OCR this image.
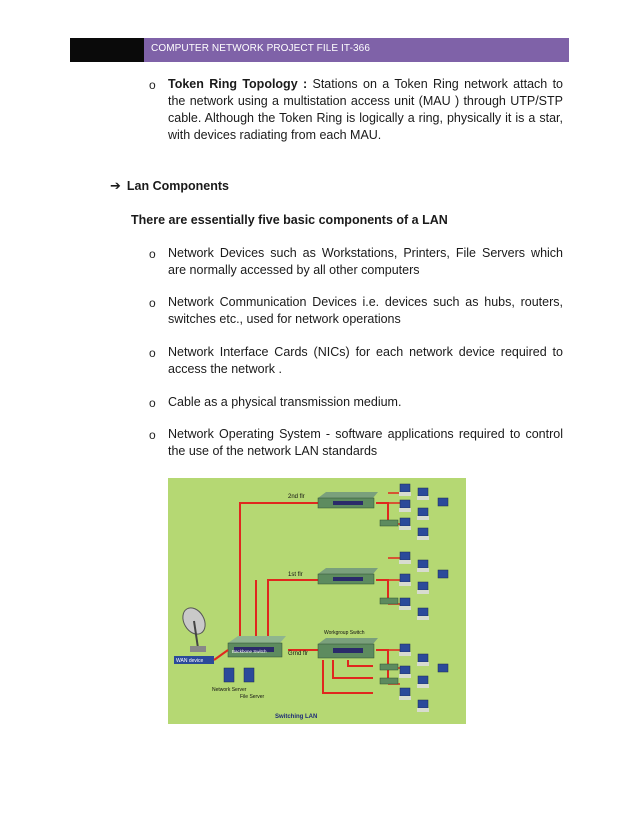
COMPUTER NETWORK PROJECT FILE IT-366
o Token Ring Topology : Stations on a Token Ring network attach to the network using a multistation access unit (MAU ) through UTP/STP cable. Although the Token Ring is logically a ring, physically it is a star, with devices radiating from each MAU.
➔ Lan Components
There are essentially five basic components of a LAN
o Network Devices such as Workstations, Printers, File Servers which are normally accessed by all other computers
o Network Communication Devices i.e. devices such as hubs, routers, switches etc., used for network operations
o Network Interface Cards (NICs) for each network device required to access the network .
o Cable as a physical transmission medium.
o Network Operating System - software applications required to control the use of the network LAN standards
2nd flr
1st flr
Grnd flr
Workgroup Switch
Backbone Switch
WAN device
Network Server
File Server
Switching LAN
